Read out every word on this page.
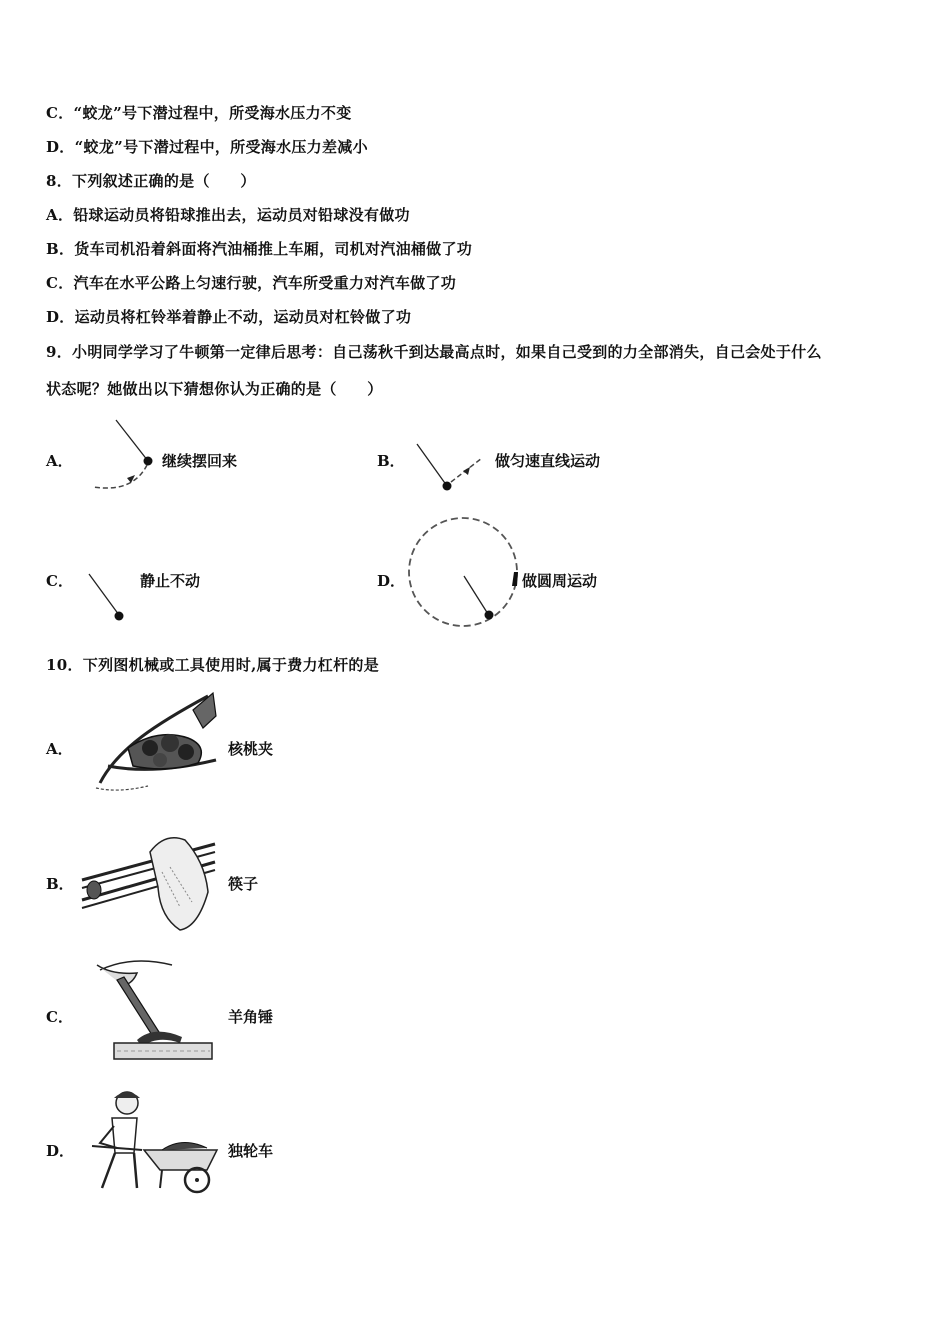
C．“蛟龙”号下潜过程中，所受海水压力不变
D．“蛟龙”号下潜过程中，所受海水压力差减小
8．下列叙述正确的是（　　）
A．铅球运动员将铅球推出去，运动员对铅球没有做功
B．货车司机沿着斜面将汽油桶推上车厢，司机对汽油桶做了功
C．汽车在水平公路上匀速行驶，汽车所受重力对汽车做了功
D．运动员将杠铃举着静止不动，运动员对杠铃做了功
9．小明同学学习了牛顿第一定律后思考：自己荡秋千到达最高点时，如果自己受到的力全部消失，自己会处于什么
状态呢？她做出以下猜想你认为正确的是（　　）
A．	继续摆回来	B．	做匀速直线运动
C．	静止不动	D．	做圆周运动
10．下列图机械或工具使用时,属于费力杠杆的是
A．	核桃夹
B．	筷子
C．	羊角锤
D．	独轮车
